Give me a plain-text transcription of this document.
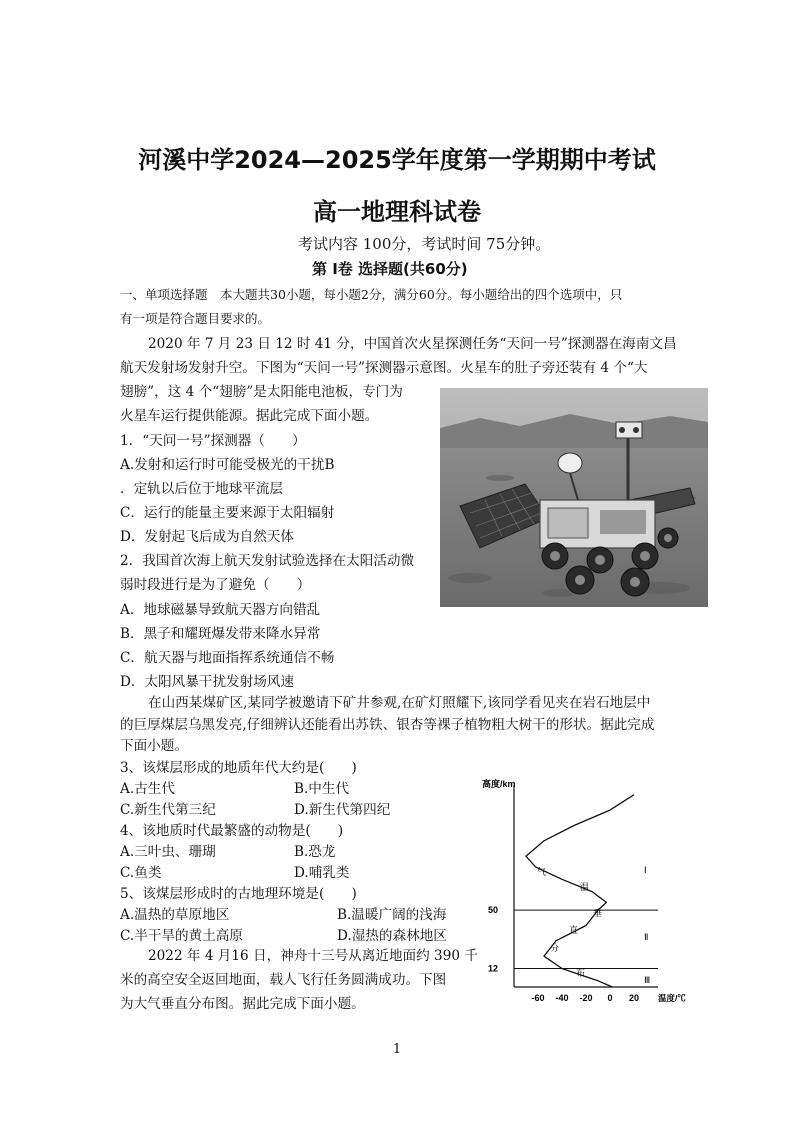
河溪中学2024—2025学年度第一学期期中考试
高一地理科试卷
考试内容 100分，考试时间 75分钟。
第 Ⅰ卷 选择题(共60分)
一、单项选择题　本大题共30小题，每小题2分，满分60分。每小题给出的四个选项中，只
有一项是符合题目要求的。
2020 年 7 月 23 日 12 时 41 分，中国首次火星探测任务“天问一号”探测器在海南文昌
航天发射场发射升空。下图为“天问一号”探测器示意图。火星车的肚子旁还装有 4 个“大
翅膀”，这 4 个“翅膀”是太阳能电池板，专门为
火星车运行提供能源。据此完成下面小题。
1．“天问一号”探测器（　　）
A.发射和运行时可能受极光的干扰B
．定轨以后位于地球平流层
C．运行的能量主要来源于太阳辐射
D．发射起飞后成为自然天体
2．我国首次海上航天发射试验选择在太阳活动微
弱时段进行是为了避免（　　）
A．地球磁暴导致航天器方向错乱
B．黑子和耀斑爆发带来降水异常
C．航天器与地面指挥系统通信不畅
D．太阳风暴干扰发射场风速
在山西某煤矿区,某同学被邀请下矿井参观,在矿灯照耀下,该同学看见夹在岩石地层中
的巨厚煤层乌黑发亮,仔细辨认还能看出苏铁、银杏等裸子植物粗大树干的形状。据此完成
下面小题。
3、该煤层形成的地质年代大约是(　　)
A.古生代	B.中生代
C.新生代第三纪	D.新生代第四纪
4、该地质时代最繁盛的动物是(　　)
A.三叶虫、珊瑚	B.恐龙
C.鱼类	D.哺乳类
5、该煤层形成时的古地理环境是(　　)
A.温热的草原地区	B.温暖广阔的浅海
C.半干旱的黄土高原	D.湿热的森林地区
2022 年 4 月16 日，神舟十三号从离近地面约 390 千
米的高空安全返回地面，载人飞行任务圆满成功。下图
为大气垂直分布图。据此完成下面小题。
高度/km
温度/℃
Ⅰ
Ⅱ
Ⅲ
气
温
垂
直
分
布
12
50
-60 -40 -20 0 20
1
